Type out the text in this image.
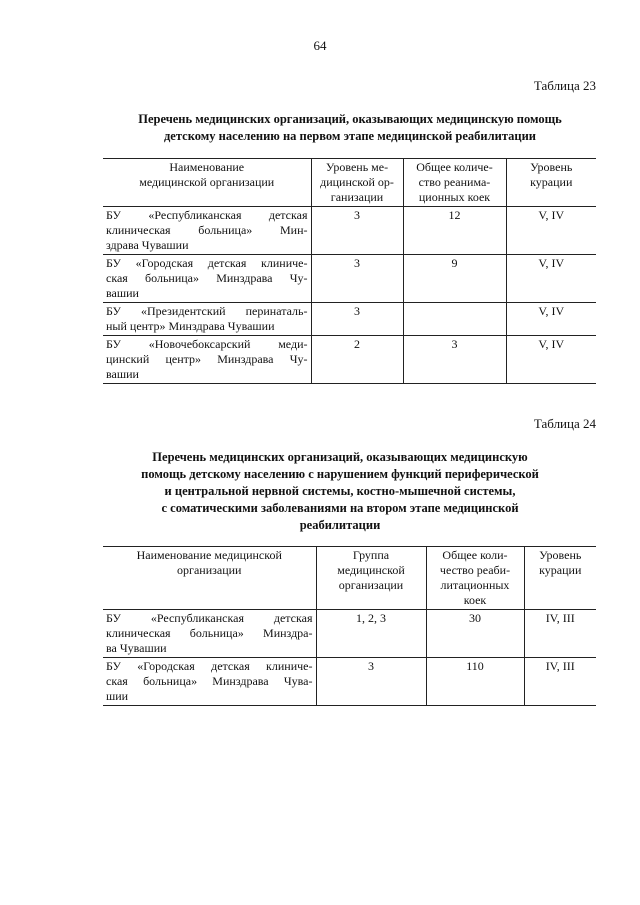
64
Таблица 23
Перечень медицинских организаций, оказывающих медицинскую помощь
детскому населению на первом этапе медицинской реабилитации
Наименование
медицинской организации	Уровень ме-
дицинской ор-
ганизации	Общее количе-
ство реанима-
ционных коек	Уровень
курации

БУ «Республиканская детская
клиническая больница» Мин-
здрава Чувашии	3	12	V, IV

БУ «Городская детская клиниче-
ская больница» Минздрава Чу-
вашии	3	9	V, IV

БУ «Президентский перинаталь-
ный центр» Минздрава Чувашии	3		V, IV

БУ «Новочебоксарский меди-
цинский центр» Минздрава Чу-
вашии	2	3	V, IV
Таблица 24
Перечень медицинских организаций, оказывающих медицинскую
помощь детскому населению с нарушением функций периферической
и центральной нервной системы, костно-мышечной системы,
с соматическими заболеваниями на втором этапе медицинской
реабилитации
Наименование медицинской
организации	Группа
медицинской
организации	Общее коли-
чество реаби-
литационных
коек	Уровень
курации

БУ «Республиканская детская
клиническая больница» Минздра-
ва Чувашии	1, 2, 3	30	IV, III

БУ «Городская детская клиниче-
ская больница» Минздрава Чува-
шии	3	110	IV, III
